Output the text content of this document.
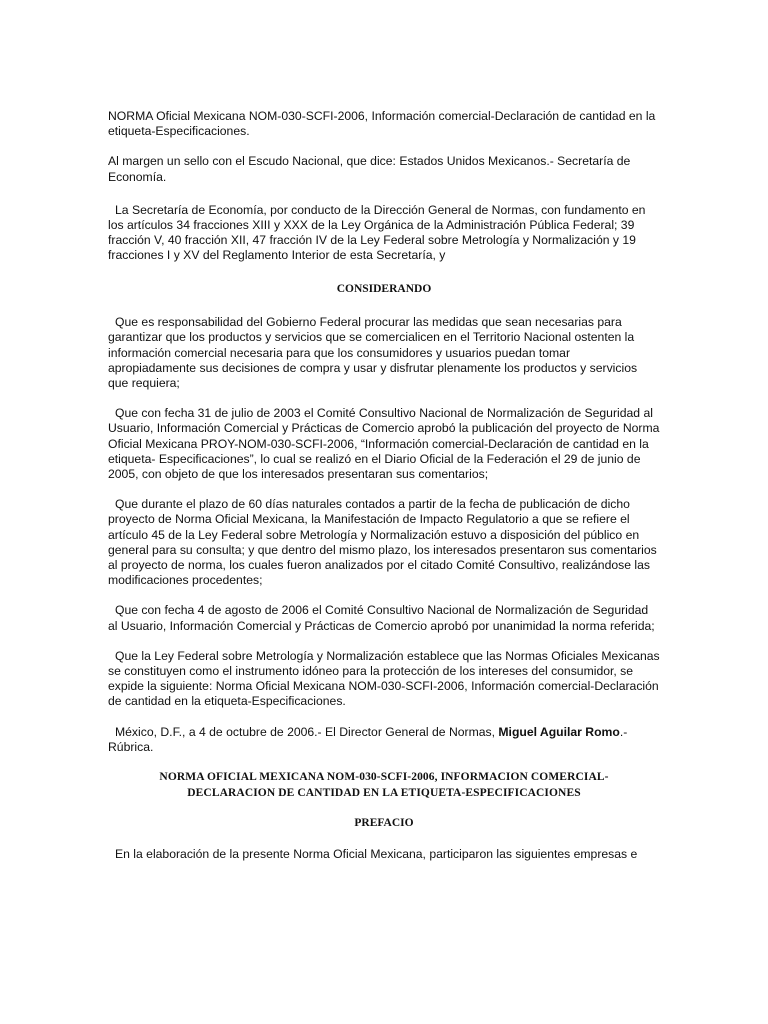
NORMA Oficial Mexicana NOM-030-SCFI-2006, Información comercial-Declaración de cantidad en la etiqueta-Especificaciones.

Al margen un sello con el Escudo Nacional, que dice: Estados Unidos Mexicanos.- Secretaría de Economía.

La Secretaría de Economía, por conducto de la Dirección General de Normas, con fundamento en los artículos 34 fracciones XIII y XXX de la Ley Orgánica de la Administración Pública Federal; 39 fracción V, 40 fracción XII, 47 fracción IV de la Ley Federal sobre Metrología y Normalización y 19 fracciones I y XV del Reglamento Interior de esta Secretaría, y

CONSIDERANDO

Que es responsabilidad del Gobierno Federal procurar las medidas que sean necesarias para garantizar que los productos y servicios que se comercialicen en el Territorio Nacional ostenten la información comercial necesaria para que los consumidores y usuarios puedan tomar apropiadamente sus decisiones de compra y usar y disfrutar plenamente los productos y servicios que requiera;

Que con fecha 31 de julio de 2003 el Comité Consultivo Nacional de Normalización de Seguridad al Usuario, Información Comercial y Prácticas de Comercio aprobó la publicación del proyecto de Norma Oficial Mexicana PROY-NOM-030-SCFI-2006, “Información comercial-Declaración de cantidad en la etiqueta- Especificaciones”, lo cual se realizó en el Diario Oficial de la Federación el 29 de junio de 2005, con objeto de que los interesados presentaran sus comentarios;

Que durante el plazo de 60 días naturales contados a partir de la fecha de publicación de dicho proyecto de Norma Oficial Mexicana, la Manifestación de Impacto Regulatorio a que se refiere el artículo 45 de la Ley Federal sobre Metrología y Normalización estuvo a disposición del público en general para su consulta; y que dentro del mismo plazo, los interesados presentaron sus comentarios al proyecto de norma, los cuales fueron analizados por el citado Comité Consultivo, realizándose las modificaciones procedentes;

Que con fecha 4 de agosto de 2006 el Comité Consultivo Nacional de Normalización de Seguridad al Usuario, Información Comercial y Prácticas de Comercio aprobó por unanimidad la norma referida;

Que la Ley Federal sobre Metrología y Normalización establece que las Normas Oficiales Mexicanas se constituyen como el instrumento idóneo para la protección de los intereses del consumidor, se expide la siguiente: Norma Oficial Mexicana NOM-030-SCFI-2006, Información comercial-Declaración de cantidad en la etiqueta-Especificaciones.

México, D.F., a 4 de octubre de 2006.- El Director General de Normas, Miguel Aguilar Romo.- Rúbrica.

NORMA OFICIAL MEXICANA NOM-030-SCFI-2006, INFORMACION COMERCIAL-
DECLARACION DE CANTIDAD EN LA ETIQUETA-ESPECIFICACIONES

PREFACIO

En la elaboración de la presente Norma Oficial Mexicana, participaron las siguientes empresas e
